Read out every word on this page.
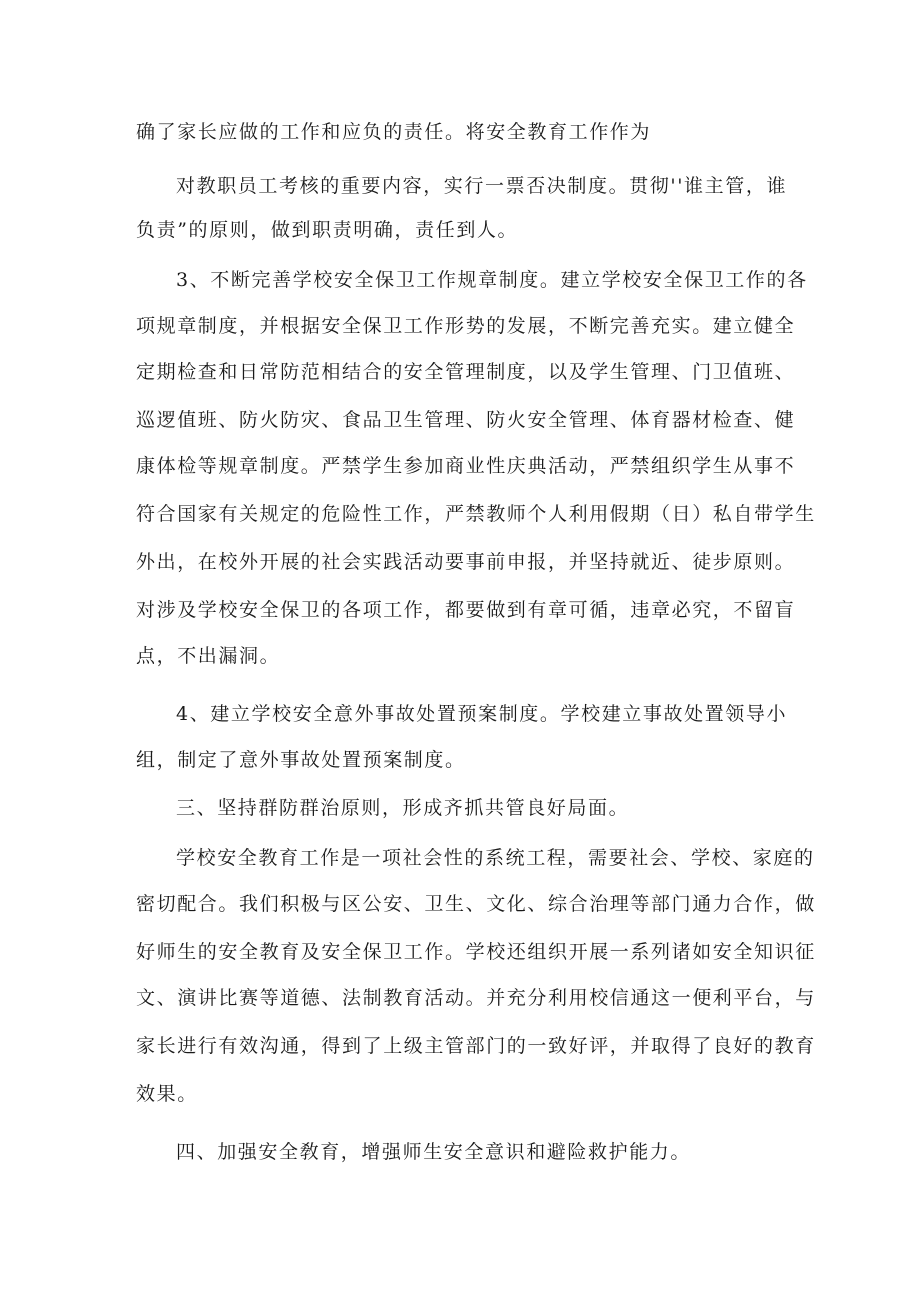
确了家长应做的工作和应负的责任。将安全教育工作作为
对教职员工考核的重要内容，实行一票否决制度。贯彻''谁主管，谁
负责”的原则，做到职责明确，责任到人。
3、不断完善学校安全保卫工作规章制度。建立学校安全保卫工作的各
项规章制度，并根据安全保卫工作形势的发展，不断完善充实。建立健全
定期检查和日常防范相结合的安全管理制度，以及学生管理、门卫值班、
巡逻值班、防火防灾、食品卫生管理、防火安全管理、体育器材检查、健
康体检等规章制度。严禁学生参加商业性庆典活动，严禁组织学生从事不
符合国家有关规定的危险性工作，严禁教师个人利用假期（日）私自带学生
外出，在校外开展的社会实践活动要事前申报，并坚持就近、徒步原则。
对涉及学校安全保卫的各项工作，都要做到有章可循，违章必究，不留盲
点，不出漏洞。
4、建立学校安全意外事故处置预案制度。学校建立事故处置领导小
组，制定了意外事故处置预案制度。
三、坚持群防群治原则，形成齐抓共管良好局面。
学校安全教育工作是一项社会性的系统工程，需要社会、学校、家庭的
密切配合。我们积极与区公安、卫生、文化、综合治理等部门通力合作，做
好师生的安全教育及安全保卫工作。学校还组织开展一系列诸如安全知识征
文、演讲比赛等道德、法制教育活动。并充分利用校信通这一便利平台，与
家长进行有效沟通，得到了上级主管部门的一致好评，并取得了良好的教育
效果。
四、加强安全敎育，增强师生安全意识和避险救护能力。
